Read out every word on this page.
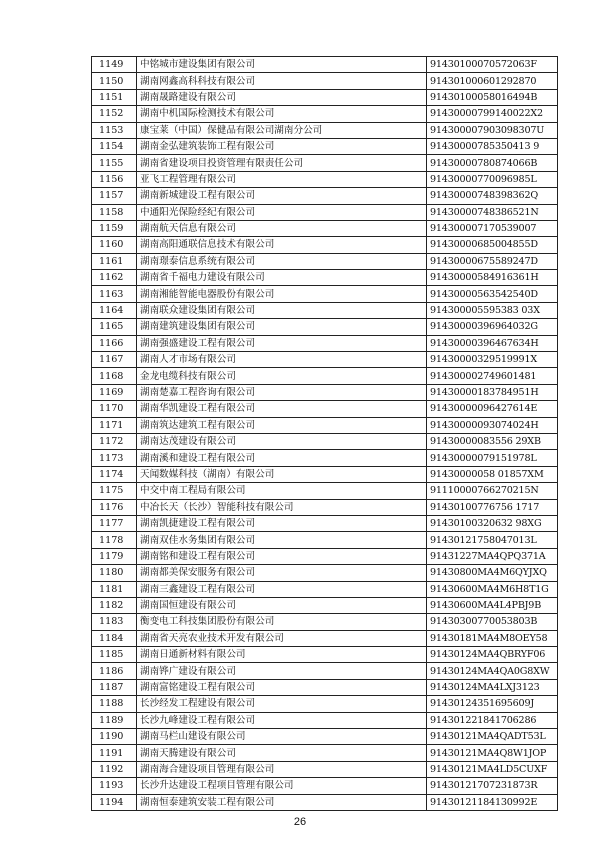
1149	中铭城市建设集团有限公司	91430100070572063F
1150	湖南网鑫高科科技有限公司	914301000601292870
1151	湖南晟路建设有限公司	91430100058016494B
1152	湖南中机国际检测技术有限公司	91430000799140022X2
1153	康宝莱（中国）保健品有限公司湖南分公司	914300007903098307U
1154	湖南金弘建筑装饰工程有限公司	91430000785350413 9
1155	湖南省建设项目投资管理有限责任公司	91430000780874066B
1156	亚飞工程管理有限公司	91430000770096985L
1157	湖南新城建设工程有限公司	91430000748398362Q
1158	中通阳光保险经纪有限公司	91430000748386521N
1159	湖南航天信息有限公司	914300007170539007
1160	湖南高阳通联信息技术有限公司	91430000685004855D
1161	湖南璟泰信息系统有限公司	91430000675589247D
1162	湖南省千福电力建设有限公司	91430000584916361H
1163	湖南湘能智能电器股份有限公司	91430000563542540D
1164	湖南联众建设集团有限公司	914300005595383 03X
1165	湖南建筑建设集团有限公司	91430000396964032G
1166	湖南强盛建设工程有限公司	91430000396467634H
1167	湖南人才市场有限公司	91430000329519991X
1168	金龙电缆科技有限公司	914300002749601481
1169	湖南楚嘉工程咨询有限公司	91430000183784951H
1170	湖南华凯建设工程有限公司	91430000096427614E
1171	湖南筑达建筑工程有限公司	91430000093074024H
1172	湖南达茂建设有限公司	91430000083556 29XB
1173	湖南溪和建设工程有限公司	91430000079151978L
1174	天闻数媒科技（湖南）有限公司	91430000058 01857XM
1175	中交中南工程局有限公司	91110000766270215N
1176	中冶长天（长沙）智能科技有限公司	91430100776756 1717
1177	湖南凯捷建设工程有限公司	91430100320632 98XG
1178	湖南双佳水务集团有限公司	91430121758047013L
1179	湖南铭和建设工程有限公司	91431227MA4QPQ371A
1180	湖南都美保安服务有限公司	91430800MA4M6QYJXQ
1181	湖南三鑫建设工程有限公司	91430600MA4M6H8T1G
1182	湖南国恒建设有限公司	91430600MA4L4PBJ9B
1183	衡变电工科技集团股份有限公司	91430300770053803B
1184	湖南省天亮农业技术开发有限公司	91430181MA4M8OEY58
1185	湖南日通新材料有限公司	91430124MA4QBRYF06
1186	湖南铧广建设有限公司	91430124MA4QA0G8XW
1187	湖南富铭建设工程有限公司	91430124MA4LXJ3123
1188	长沙经发工程建设有限公司	91430124351695609J
1189	长沙九峰建设工程有限公司	914301221841706286
1190	湖南马栏山建设有限公司	91430121MA4QADT53L
1191	湖南天腾建设有限公司	91430121MA4Q8W1JOP
1192	湖南海合建设项目管理有限公司	91430121MA4LD5CUXF
1193	长沙升达建设工程项目管理有限公司	91430121707231873R
1194	湖南恒泰建筑安装工程有限公司	91430121184130992E
26
